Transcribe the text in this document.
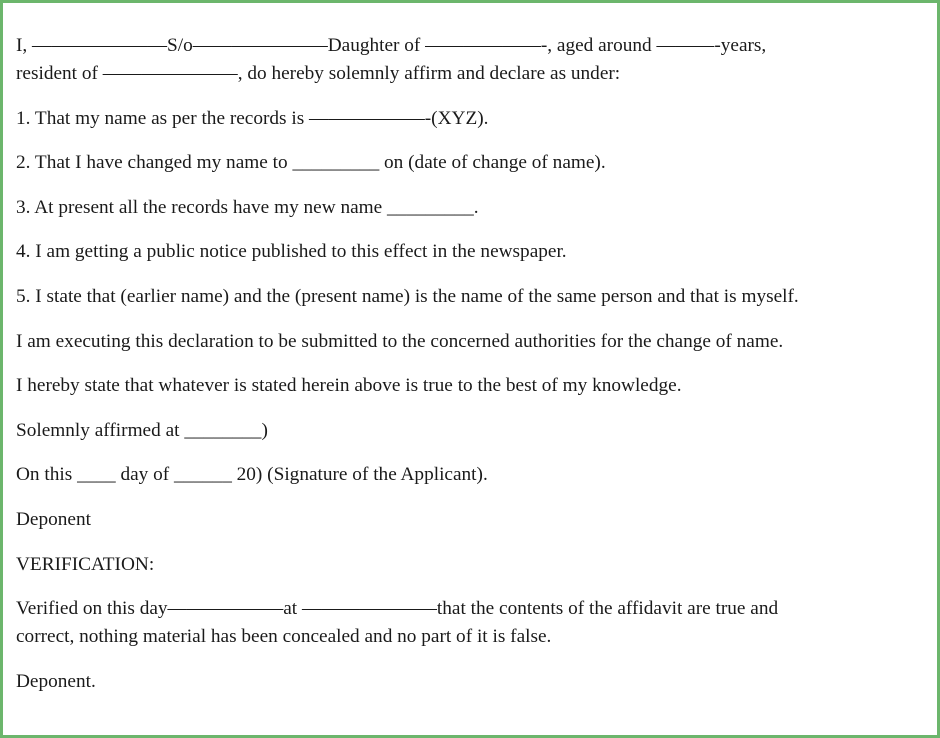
I, ———————S/o———————Daughter of ——————-, aged around ———-years,
resident of ———————, do hereby solemnly affirm and declare as under:

1. That my name as per the records is ——————-(XYZ).

2. That I have changed my name to _________ on (date of change of name).

3. At present all the records have my new name _________.

4. I am getting a public notice published to this effect in the newspaper.

5. I state that (earlier name) and the (present name) is the name of the same person and that is myself.

I am executing this declaration to be submitted to the concerned authorities for the change of name.

I hereby state that whatever is stated herein above is true to the best of my knowledge.

Solemnly affirmed at ________)

On this ____ day of ______ 20) (Signature of the Applicant).

Deponent

VERIFICATION:

Verified on this day——————at ———————that the contents of the affidavit are true and
correct, nothing material has been concealed and no part of it is false.

Deponent.
